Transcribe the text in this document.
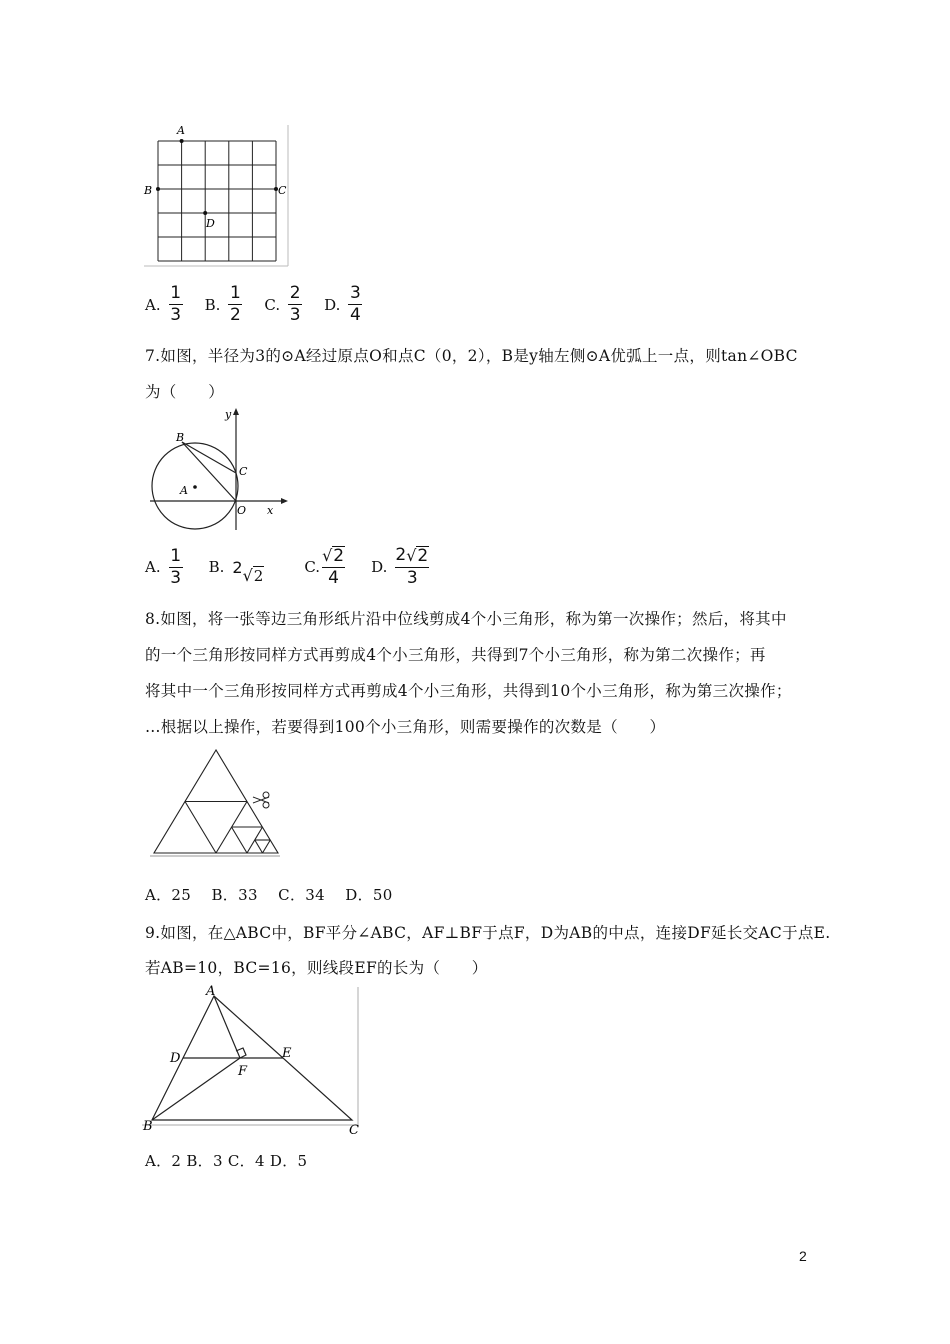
A
B	C
D
A. $\frac{1}{3} B$. $\frac{1}{2} C$. $\frac{2}{3} D$. $\frac{3}{4}$
7.如图，半径为3的⊙A经过原点O和点C（0，2），B是y轴左侧⊙A优弧上一点，则tan∠OBC
为（　　）
y
B
C
A
O x
A. $\frac{1}{3} B$. 2 √ 2	C. $\frac{√ 2}{4} D$. $\frac{2 √ 2}{3}$
8.如图，将一张等边三角形纸片沿中位线剪成4个小三角形，称为第一次操作；然后，将其中
的一个三角形按同样方式再剪成4个小三角形，共得到7个小三角形，称为第二次操作；再
将其中一个三角形按同样方式再剪成4个小三角形，共得到10个小三角形，称为第三次操作；
…根据以上操作，若要得到100个小三角形，则需要操作的次数是（　　）
A．25　 B．33　 C．34　 D．50
9.如图，在△ABC中，BF平分∠ABC，AF⊥BF于点F，D为AB的中点，连接DF延长交AC于点E.
若AB=10，BC=16，则线段EF的长为（　　）
A
D	E
F
B	C
A．2 B．3 C．4 D．5
2
